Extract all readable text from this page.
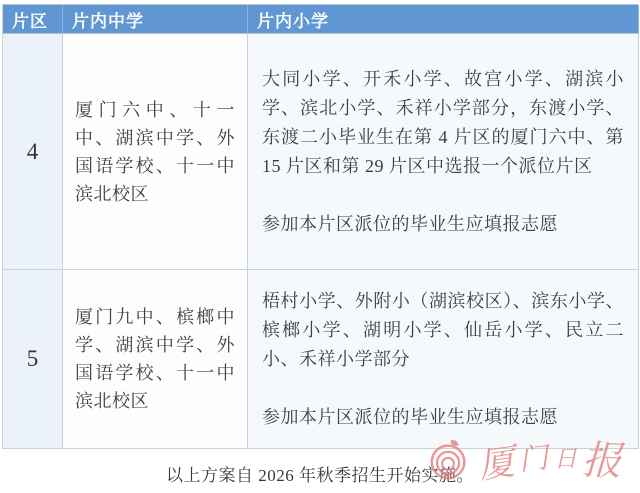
片区	片内中学	片内小学
4
厦门六中、十一中、湖滨中学、外国语学校、十一中滨北校区

大同小学、开禾小学、故宫小学、湖滨小学、滨北小学、禾祥小学部分，东渡小学、东渡二小毕业生在第 4 片区的厦门六中、第 15 片区和第 29 片区中选报一个派位片区

参加本片区派位的毕业生应填报志愿

5
厦门九中、槟榔中学、湖滨中学、外国语学校、十一中滨北校区

梧村小学、外附小（湖滨校区）、滨东小学、槟榔小学、湖明小学、仙岳小学、民立二小、禾祥小学部分

参加本片区派位的毕业生应填报志愿

以上方案自 2026 年秋季招生开始实施。 厦 门 日 报
